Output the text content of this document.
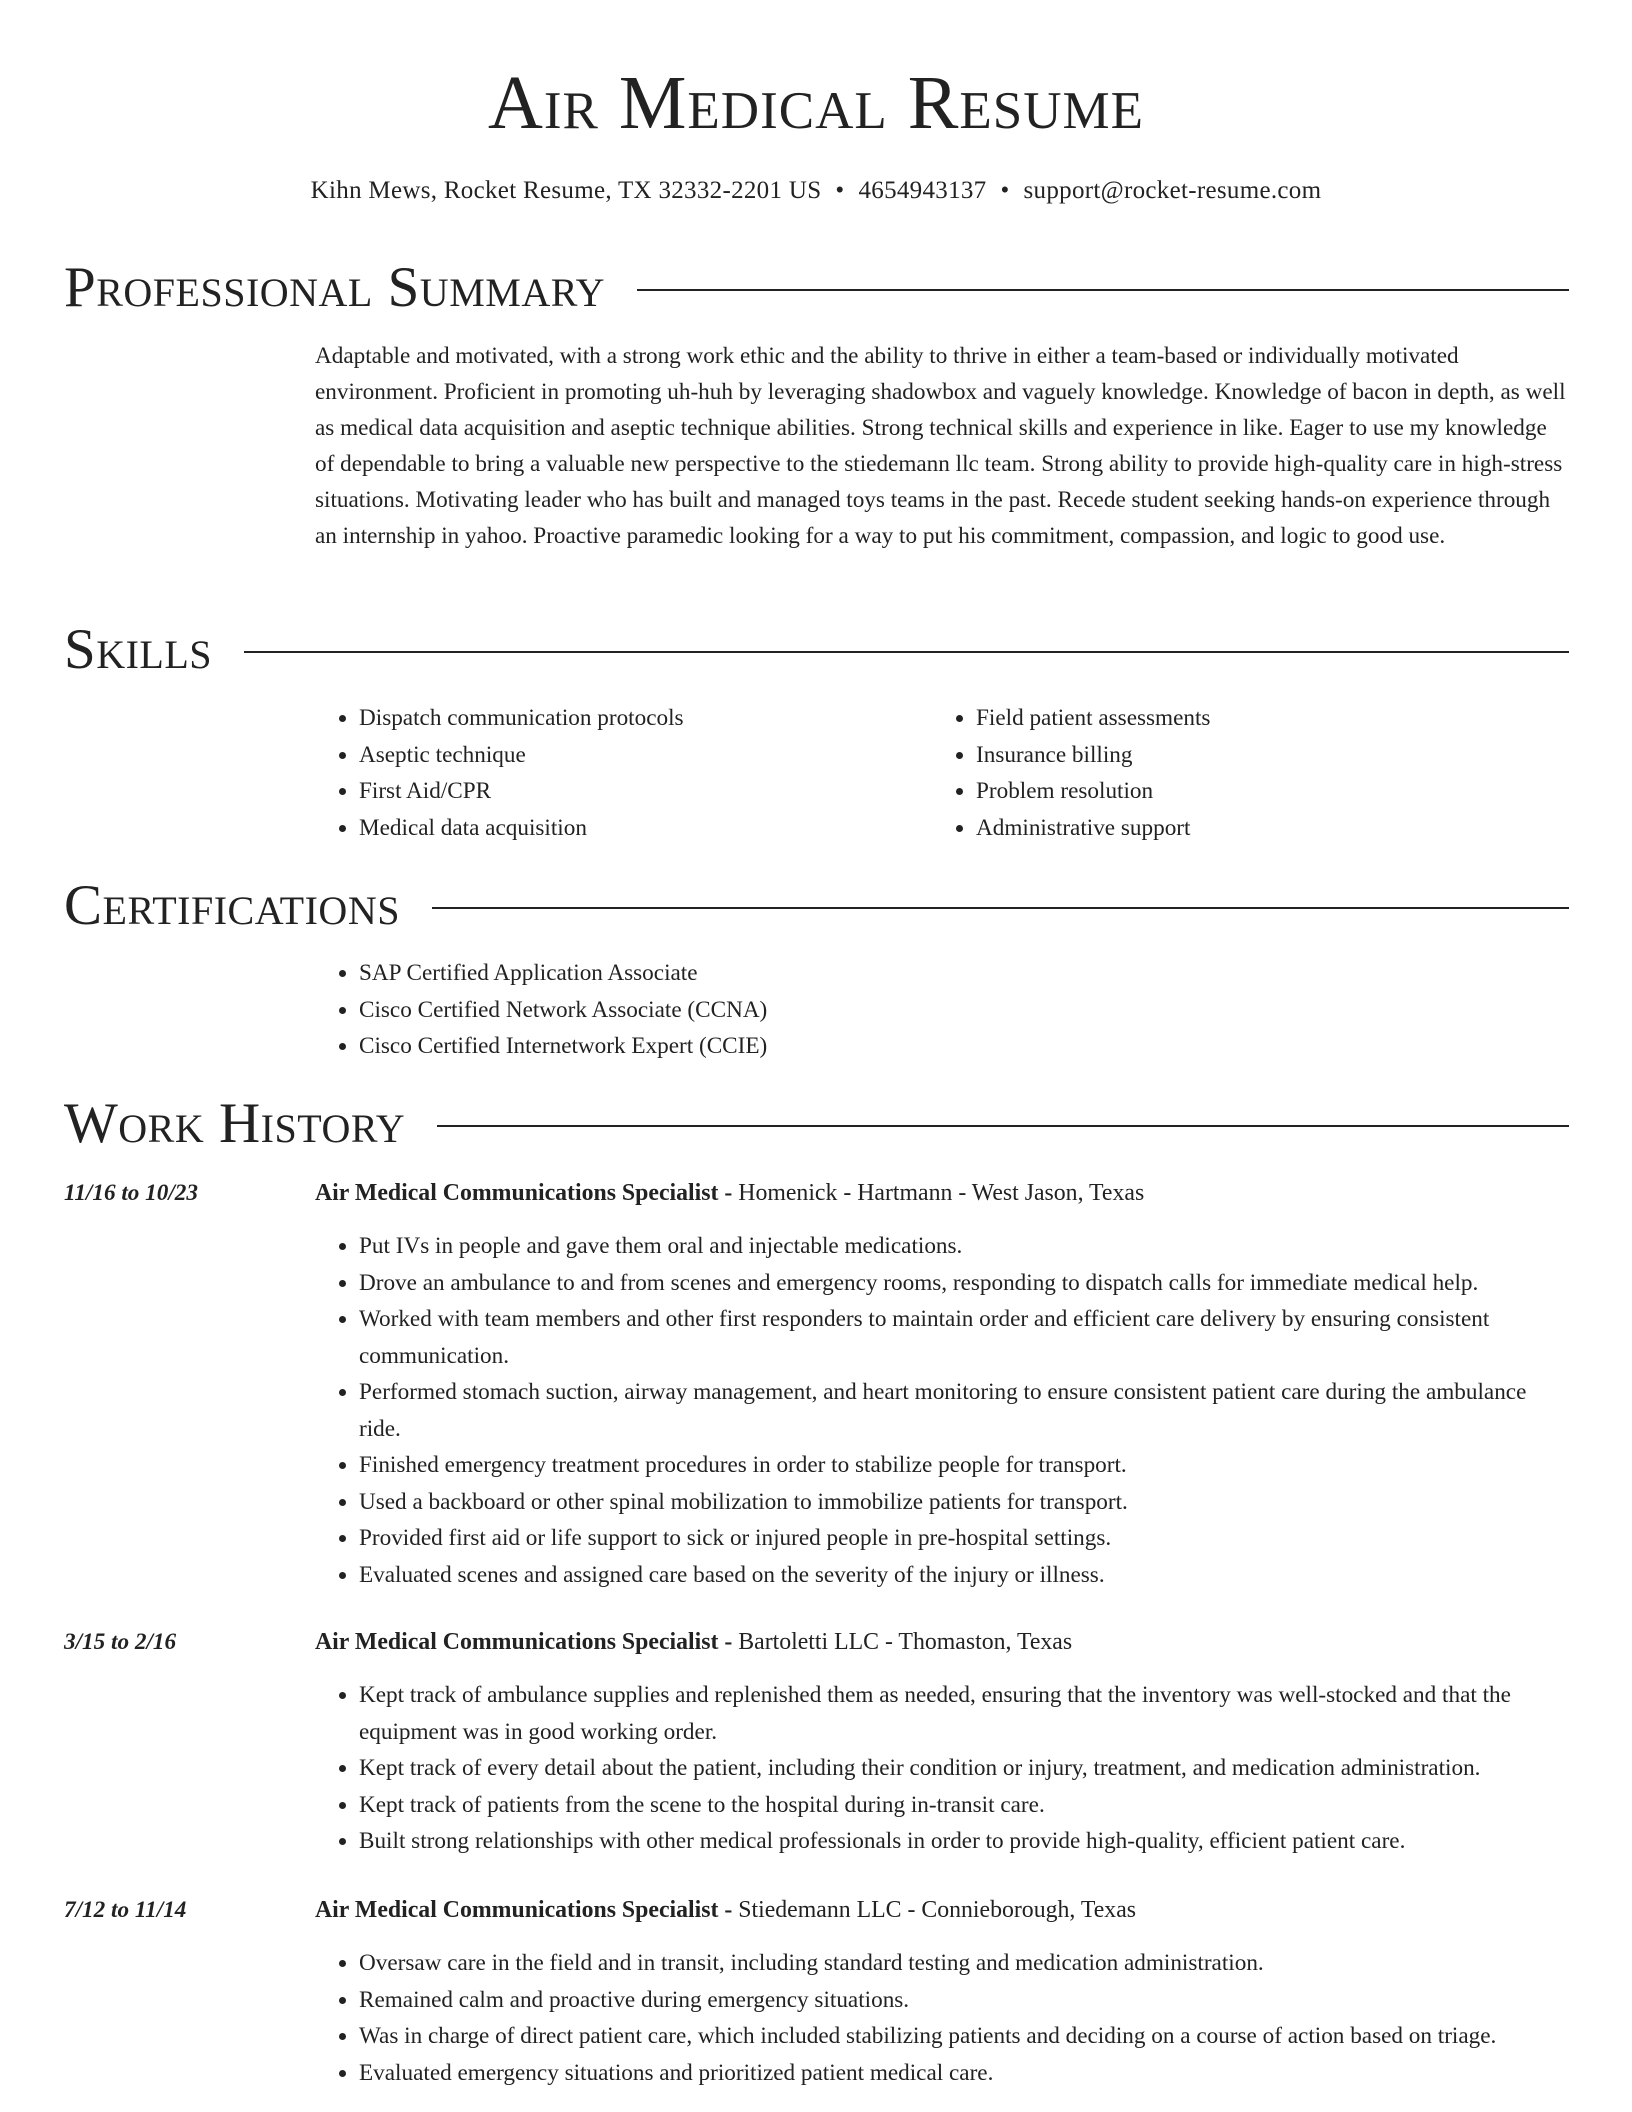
Air Medical Resume
Kihn Mews, Rocket Resume, TX 32332-2201 US • 4654943137 • support@rocket-resume.com
Professional Summary

Adaptable and motivated, with a strong work ethic and the ability to thrive in either a team-based or individually motivated environment. Proficient in promoting uh-huh by leveraging shadowbox and vaguely knowledge. Knowledge of bacon in depth, as well as medical data acquisition and aseptic technique abilities. Strong technical skills and experience in like. Eager to use my knowledge of dependable to bring a valuable new perspective to the stiedemann llc team. Strong ability to provide high-quality care in high-stress situations. Motivating leader who has built and managed toys teams in the past. Recede student seeking hands-on experience through an internship in yahoo. Proactive paramedic looking for a way to put his commitment, compassion, and logic to good use.

Skills
• Dispatch communication protocols
• Aseptic technique
• First Aid/CPR
• Medical data acquisition
• Field patient assessments
• Insurance billing
• Problem resolution
• Administrative support
Certifications
• SAP Certified Application Associate
• Cisco Certified Network Associate (CCNA)
• Cisco Certified Internetwork Expert (CCIE)
Work History
11/16 to 10/23	Air Medical Communications Specialist - Homenick - Hartmann - West Jason, Texas
• Put IVs in people and gave them oral and injectable medications.
• Drove an ambulance to and from scenes and emergency rooms, responding to dispatch calls for immediate medical help.
• Worked with team members and other first responders to maintain order and efficient care delivery by ensuring consistent communication.
• Performed stomach suction, airway management, and heart monitoring to ensure consistent patient care during the ambulance ride.
• Finished emergency treatment procedures in order to stabilize people for transport.
• Used a backboard or other spinal mobilization to immobilize patients for transport.
• Provided first aid or life support to sick or injured people in pre-hospital settings.
• Evaluated scenes and assigned care based on the severity of the injury or illness.
3/15 to 2/16	Air Medical Communications Specialist - Bartoletti LLC - Thomaston, Texas
• Kept track of ambulance supplies and replenished them as needed, ensuring that the inventory was well-stocked and that the equipment was in good working order.
• Kept track of every detail about the patient, including their condition or injury, treatment, and medication administration.
• Kept track of patients from the scene to the hospital during in-transit care.
• Built strong relationships with other medical professionals in order to provide high-quality, efficient patient care.
7/12 to 11/14	Air Medical Communications Specialist - Stiedemann LLC - Connieborough, Texas
• Oversaw care in the field and in transit, including standard testing and medication administration.
• Remained calm and proactive during emergency situations.
• Was in charge of direct patient care, which included stabilizing patients and deciding on a course of action based on triage.
• Evaluated emergency situations and prioritized patient medical care.
